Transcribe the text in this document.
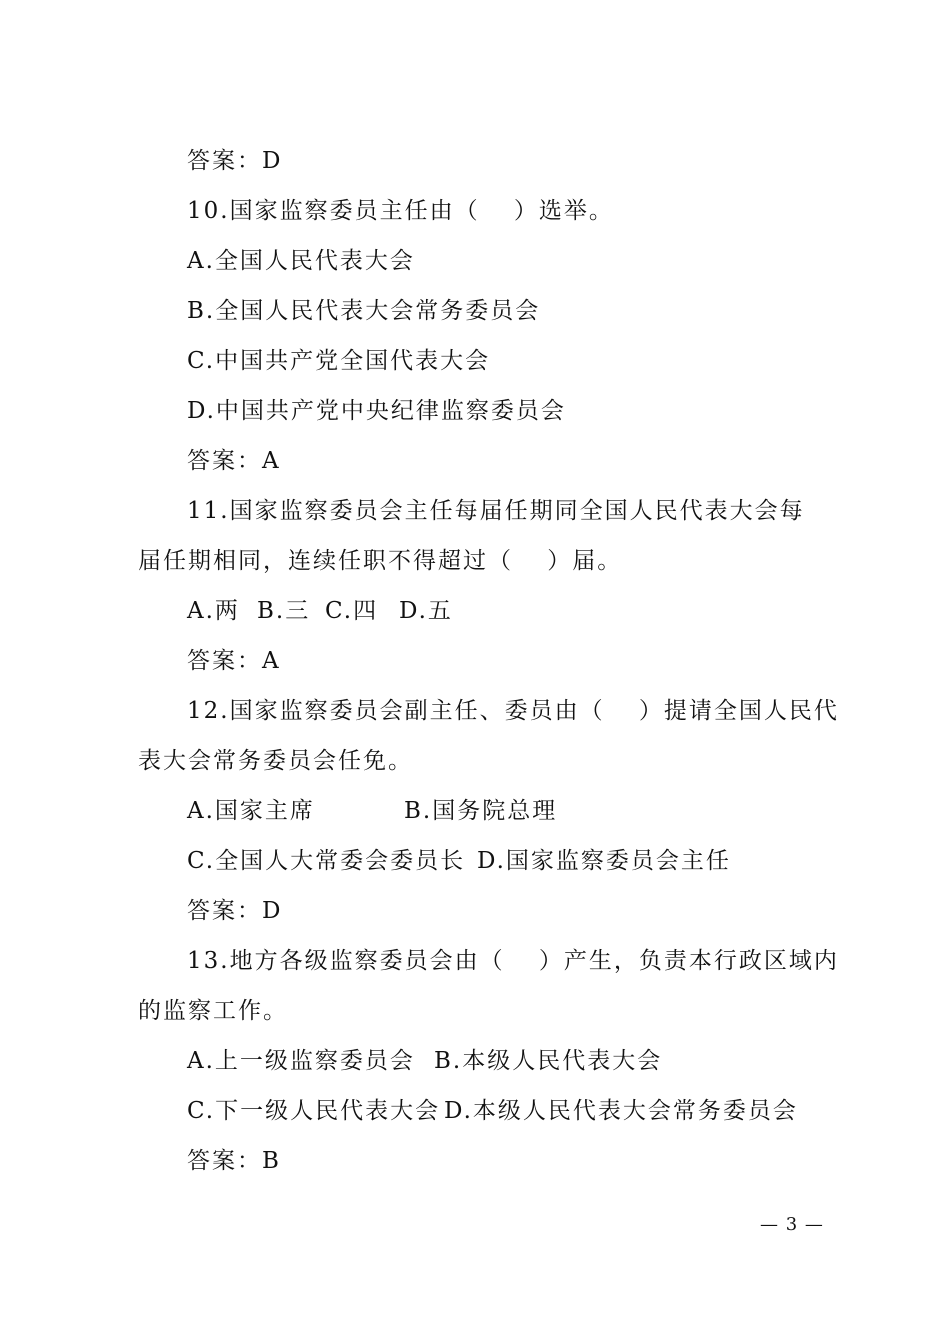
答案：D
10.国家监察委员主任由（　 ）选举。
A.全国人民代表大会
B.全国人民代表大会常务委员会
C.中国共产党全国代表大会
D.中国共产党中央纪律监察委员会
答案：A
11.国家监察委员会主任每届任期同全国人民代表大会每
届任期相同，连续任职不得超过（　 ）届。
A.两 B.三 C.四 D.五
答案：A
12.国家监察委员会副主任、委员由（　 ）提请全国人民代
表大会常务委员会任免。
A.国家主席	B.国务院总理
C.全国人大常委会委员长 D.国家监察委员会主任
答案：D
13.地方各级监察委员会由（　 ）产生，负责本行政区域内
的监察工作。
A.上一级监察委员会 B.本级人民代表大会
C.下一级人民代表大会 D.本级人民代表大会常务委员会
答案：B
— 3 —
